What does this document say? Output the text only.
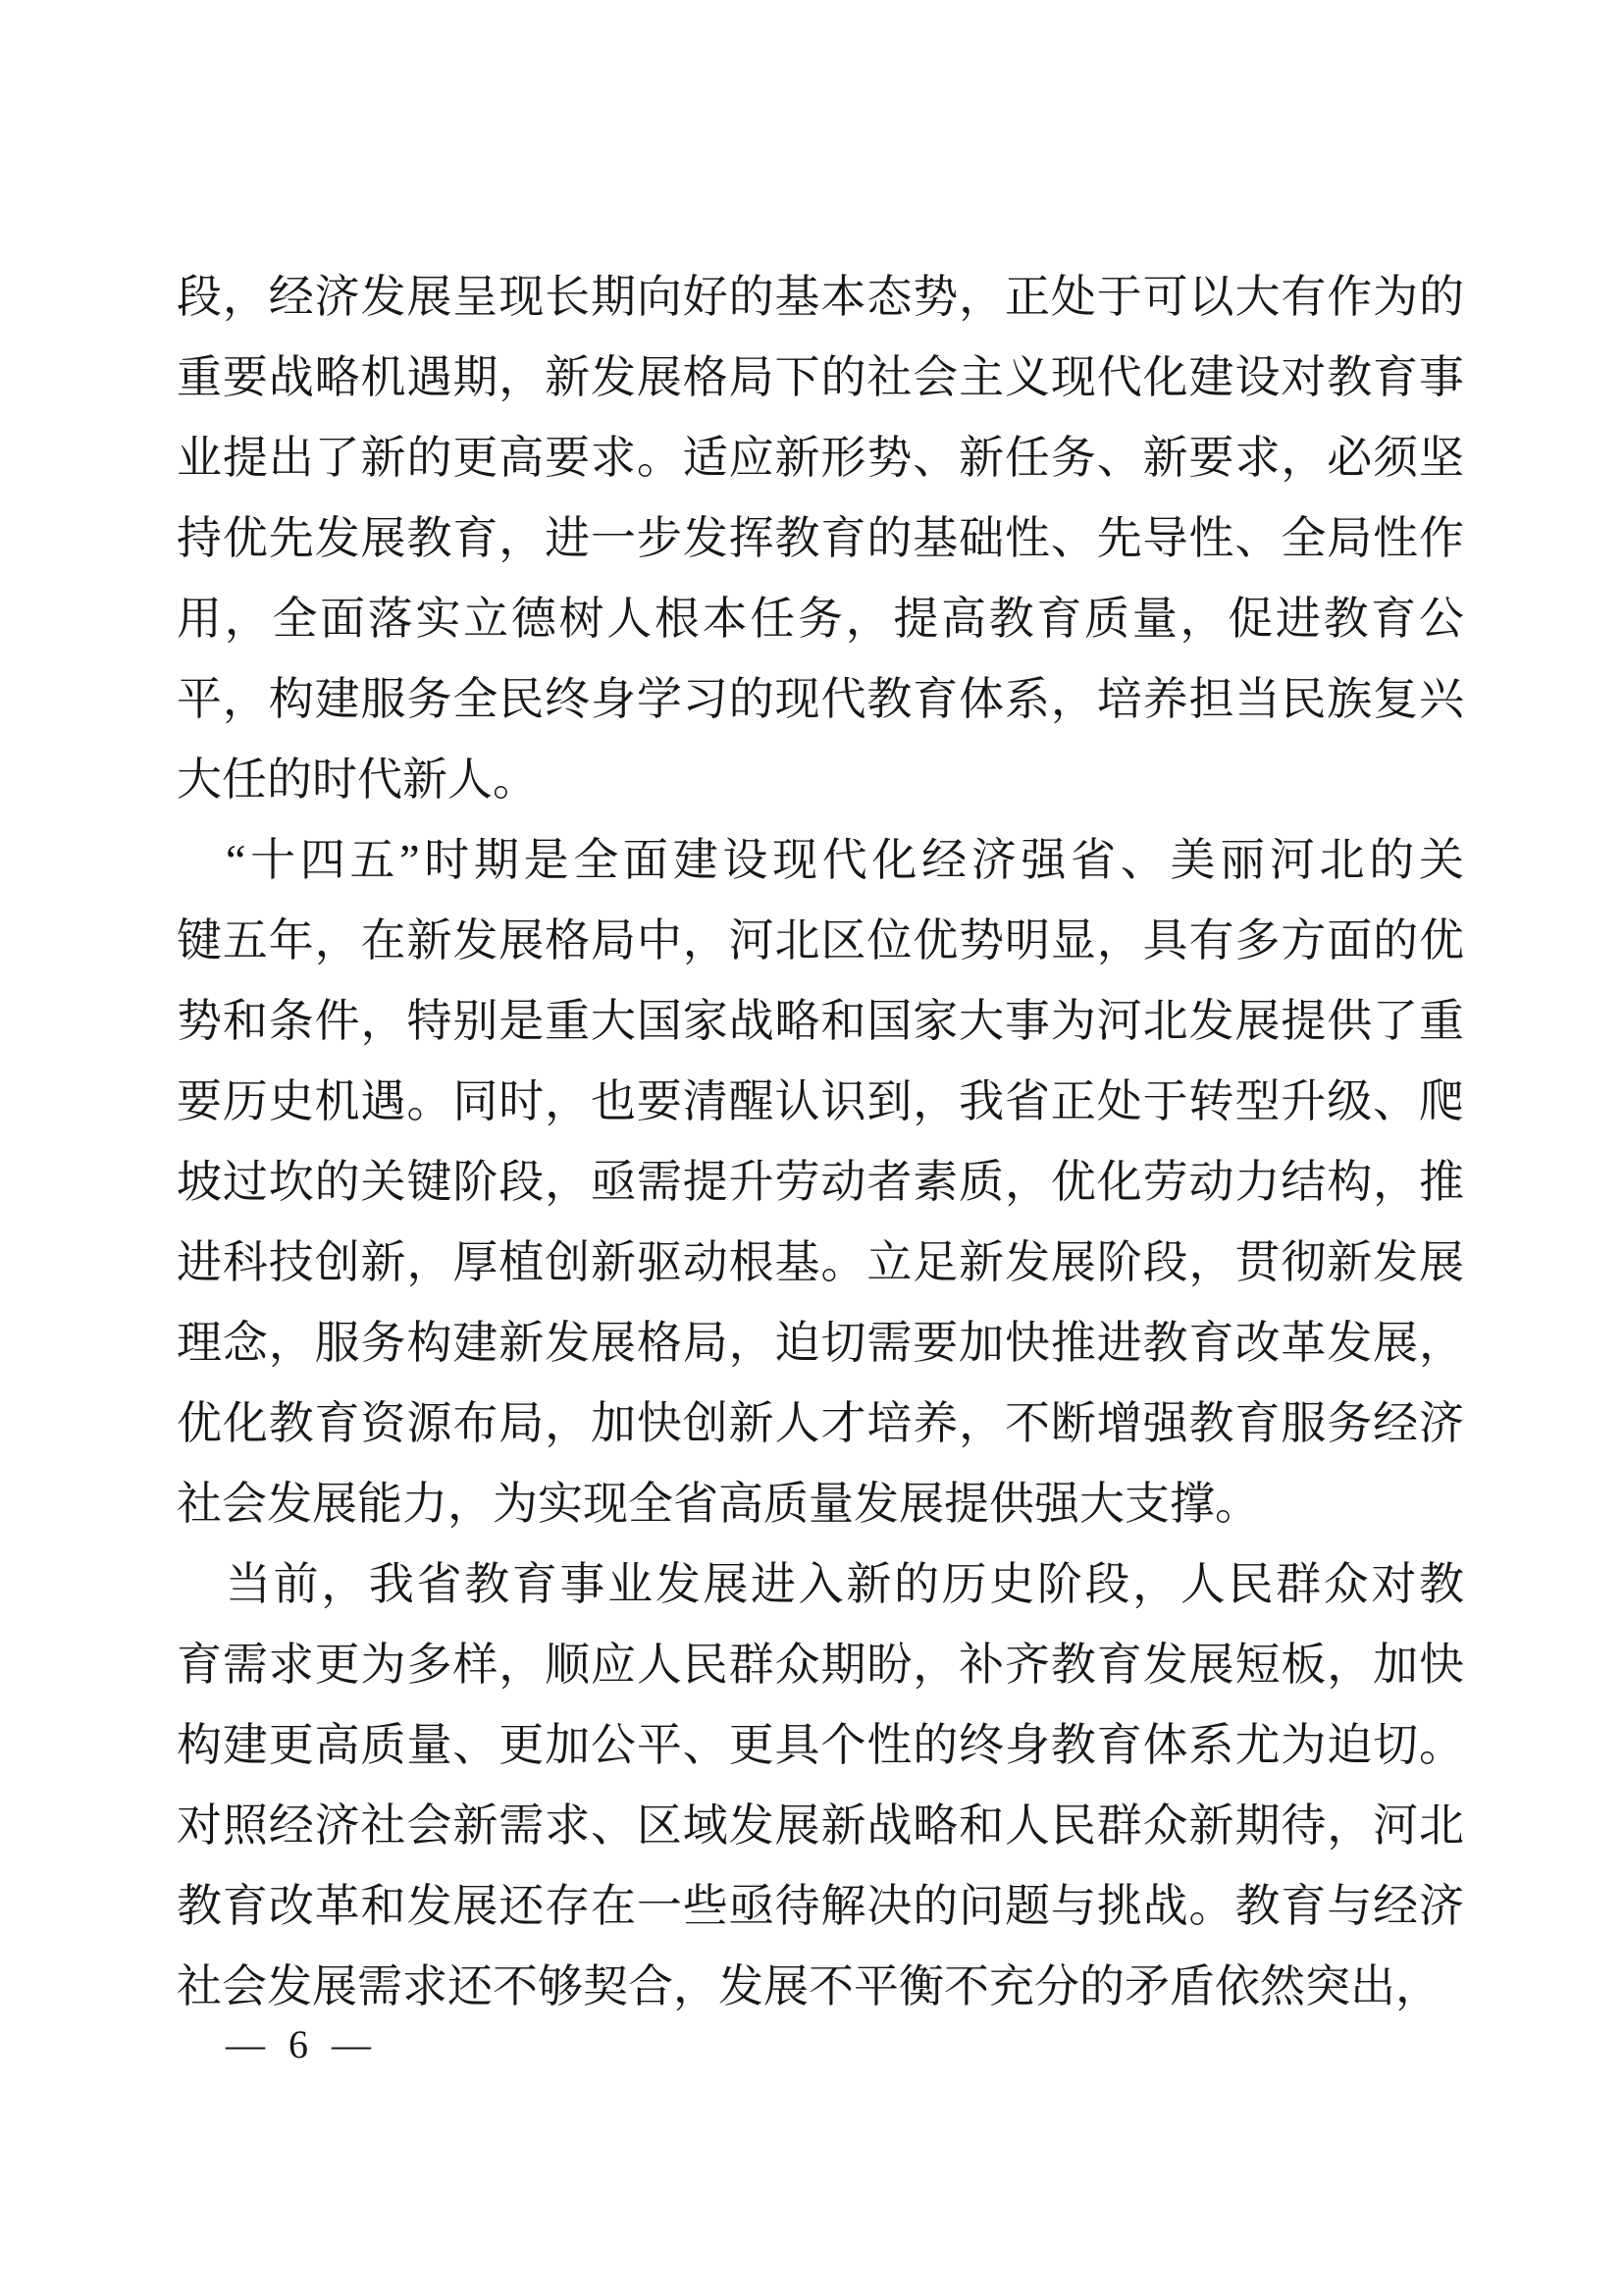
段，经济发展呈现长期向好的基本态势，正处于可以大有作为的
重要战略机遇期，新发展格局下的社会主义现代化建设对教育事
业提出了新的更高要求。适应新形势、新任务、新要求，必须坚
持优先发展教育，进一步发挥教育的基础性、先导性、全局性作
用，全面落实立德树人根本任务，提高教育质量，促进教育公
平，构建服务全民终身学习的现代教育体系，培养担当民族复兴
大任的时代新人。
“十四五”时期是全面建设现代化经济强省、美丽河北的关
键五年，在新发展格局中，河北区位优势明显，具有多方面的优
势和条件，特别是重大国家战略和国家大事为河北发展提供了重
要历史机遇。同时，也要清醒认识到，我省正处于转型升级、爬
坡过坎的关键阶段，亟需提升劳动者素质，优化劳动力结构，推
进科技创新，厚植创新驱动根基。立足新发展阶段，贯彻新发展
理念，服务构建新发展格局，迫切需要加快推进教育改革发展，
优化教育资源布局，加快创新人才培养，不断增强教育服务经济
社会发展能力，为实现全省高质量发展提供强大支撑。
当前，我省教育事业发展进入新的历史阶段，人民群众对教
育需求更为多样，顺应人民群众期盼，补齐教育发展短板，加快
构建更高质量、更加公平、更具个性的终身教育体系尤为迫切。
对照经济社会新需求、区域发展新战略和人民群众新期待，河北
教育改革和发展还存在一些亟待解决的问题与挑战。教育与经济
社会发展需求还不够契合，发展不平衡不充分的矛盾依然突出，
— 6 —
